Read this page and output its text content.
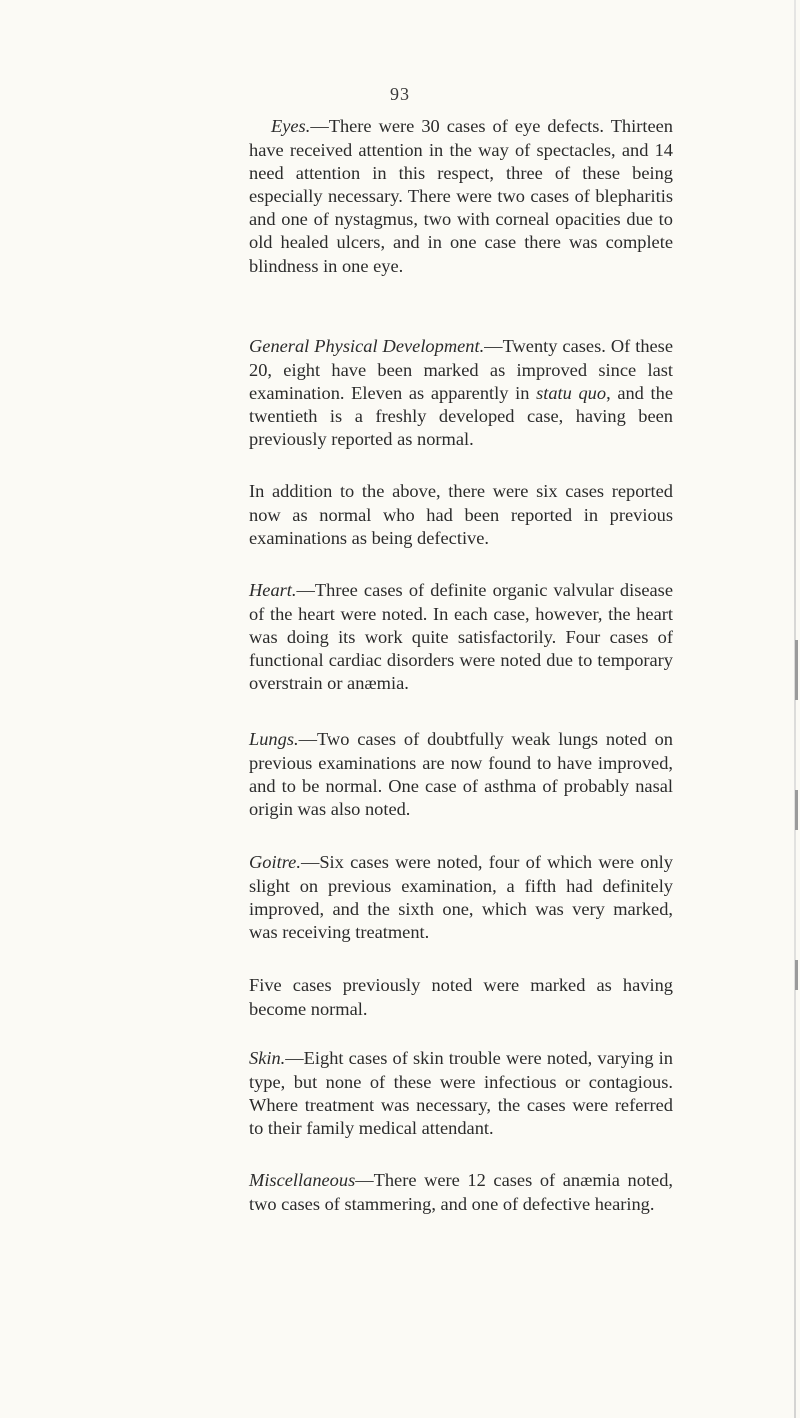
93

Eyes.—There were 30 cases of eye defects. Thirteen have received attention in the way of spectacles, and 14 need attention in this respect, three of these being especially necessary. There were two cases of blepharitis and one of nystagmus, two with corneal opacities due to old healed ulcers, and in one case there was complete blindness in one eye.

General Physical Development.—Twenty cases. Of these 20, eight have been marked as improved since last examination. Eleven as apparently in statu quo, and the twentieth is a freshly developed case, having been previously reported as normal.

In addition to the above, there were six cases reported now as normal who had been reported in previous examinations as being defective.

Heart.—Three cases of definite organic valvular disease of the heart were noted. In each case, however, the heart was doing its work quite satisfactorily. Four cases of functional cardiac disorders were noted due to temporary overstrain or anæmia.

Lungs.—Two cases of doubtfully weak lungs noted on previous examinations are now found to have improved, and to be normal. One case of asthma of probably nasal origin was also noted.

Goitre.—Six cases were noted, four of which were only slight on previous examination, a fifth had definitely improved, and the sixth one, which was very marked, was receiving treatment.

Five cases previously noted were marked as having become normal.

Skin.—Eight cases of skin trouble were noted, varying in type, but none of these were infectious or contagious. Where treatment was necessary, the cases were referred to their family medical attendant.

Miscellaneous—There were 12 cases of anæmia noted, two cases of stammering, and one of defective hearing.
